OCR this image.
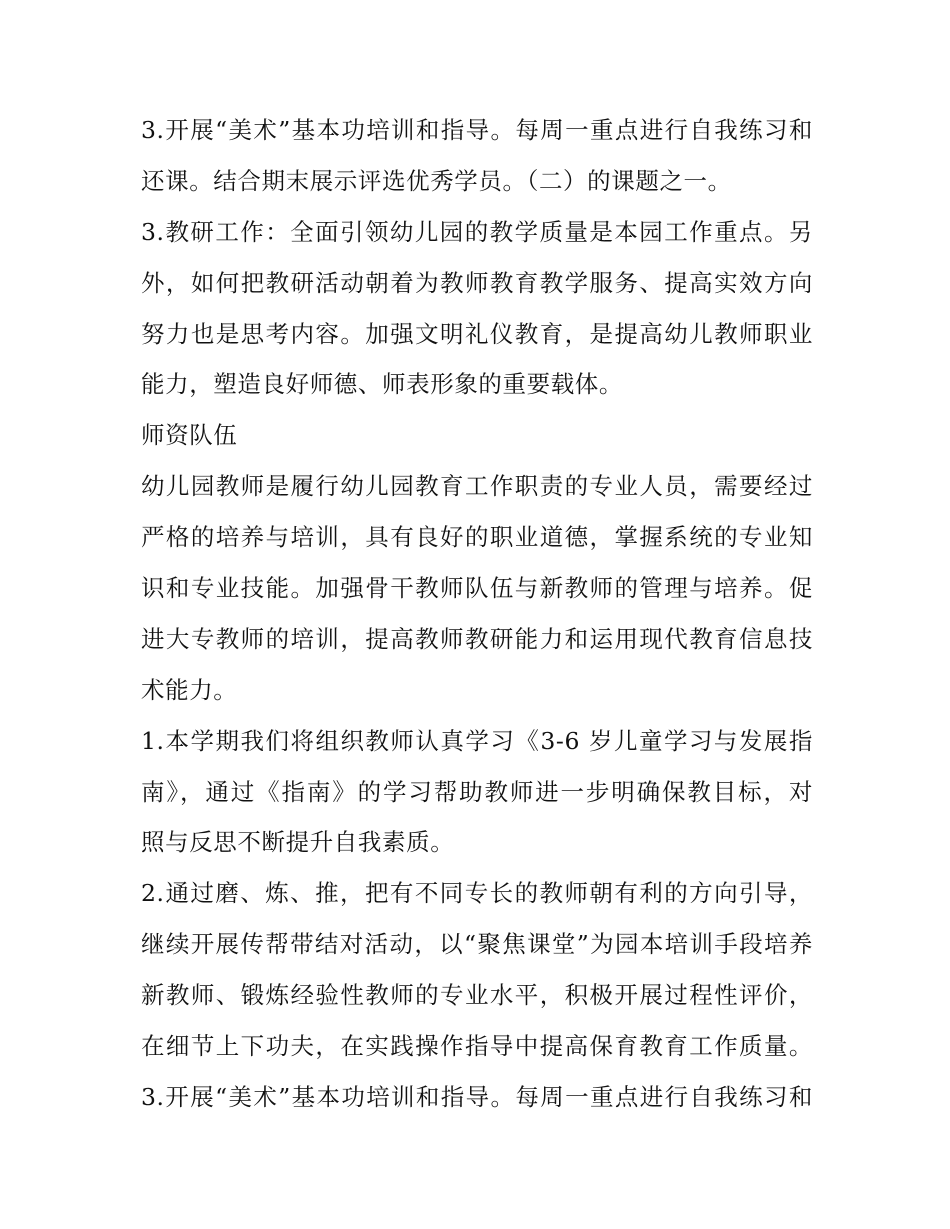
3.开展“美术”基本功培训和指导。每周一重点进行自我练习和
还课。结合期末展示评选优秀学员。（二）的课题之一。
3.教研工作：全面引领幼儿园的教学质量是本园工作重点。另
外，如何把教研活动朝着为教师教育教学服务、提高实效方向
努力也是思考内容。加强文明礼仪教育，是提高幼儿教师职业
能力，塑造良好师德、师表形象的重要载体。
师资队伍
幼儿园教师是履行幼儿园教育工作职责的专业人员，需要经过
严格的培养与培训，具有良好的职业道德，掌握系统的专业知
识和专业技能。加强骨干教师队伍与新教师的管理与培养。促
进大专教师的培训，提高教师教研能力和运用现代教育信息技
术能力。
1.本学期我们将组织教师认真学习《3-6 岁儿童学习与发展指
南》，通过《指南》的学习帮助教师进一步明确保教目标，对
照与反思不断提升自我素质。
2.通过磨、炼、推，把有不同专长的教师朝有利的方向引导，
继续开展传帮带结对活动，以“聚焦课堂”为园本培训手段培养
新教师、锻炼经验性教师的专业水平，积极开展过程性评价，
在细节上下功夫，在实践操作指导中提高保育教育工作质量。
3.开展“美术”基本功培训和指导。每周一重点进行自我练习和
